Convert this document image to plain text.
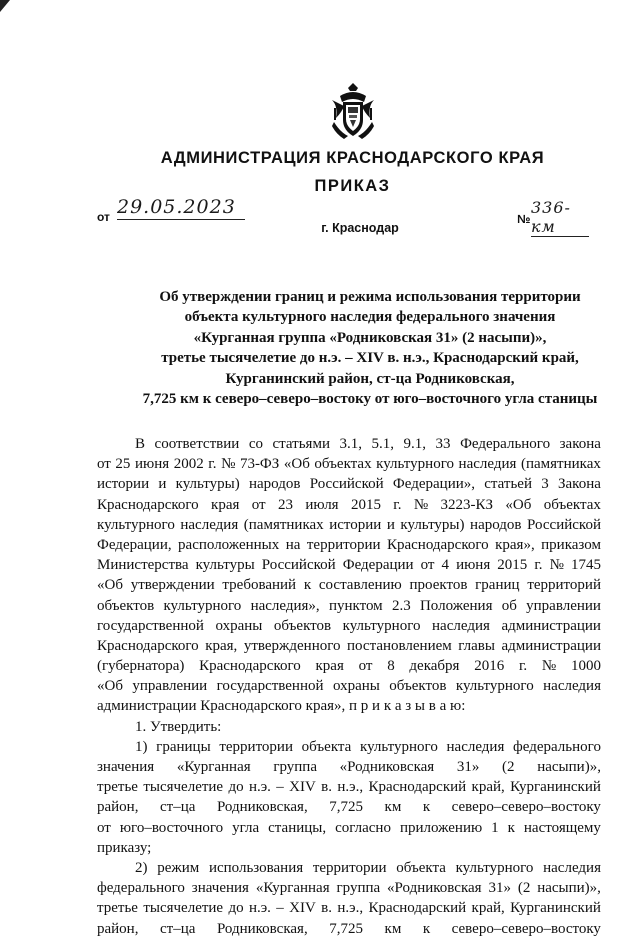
АДМИНИСТРАЦИЯ КРАСНОДАРСКОГО КРАЯ
ПРИКАЗ
от 29.05.2023
№
336-км
г. Краснодар
Об утверждении границ и режима использования территории
объекта культурного наследия федерального значения
«Курганная группа «Родниковская 31» (2 насыпи)»,
третье тысячелетие до н.э. – XIV в. н.э., Краснодарский край,
Курганинский район, ст-ца Родниковская,
7,725 км к северо–северо–востоку от юго–восточного угла станицы
В соответствии со статьями 3.1, 5.1, 9.1, 33 Федерального закона
от 25 июня 2002 г. № 73-ФЗ «Об объектах культурного наследия (памятниках
истории и культуры) народов Российской Федерации», статьей 3 Закона
Краснодарского края от 23 июля 2015 г. № 3223-КЗ «Об объектах
культурного наследия (памятниках истории и культуры) народов Российской
Федерации, расположенных на территории Краснодарского края», приказом
Министерства культуры Российской Федерации от 4 июня 2015 г. № 1745
«Об утверждении требований к составлению проектов границ территорий
объектов культурного наследия», пунктом 2.3 Положения об управлении
государственной охраны объектов культурного наследия администрации
Краснодарского края, утвержденного постановлением главы администрации
(губернатора) Краснодарского края от 8 декабря 2016 г. № 1000
«Об управлении государственной охраны объектов культурного наследия
администрации Краснодарского края», п р и к а з ы в а ю:
1. Утвердить:
1) границы территории объекта культурного наследия федерального
значения «Курганная группа «Родниковская 31» (2 насыпи)»,
третье тысячелетие до н.э. – XIV в. н.э., Краснодарский край, Курганинский
район, ст–ца Родниковская, 7,725 км к северо–северо–востоку
от юго–восточного угла станицы, согласно приложению 1 к настоящему
приказу;
2) режим использования территории объекта культурного наследия
федерального значения «Курганная группа «Родниковская 31» (2 насыпи)»,
третье тысячелетие до н.э. – XIV в. н.э., Краснодарский край, Курганинский
район, ст–ца Родниковская, 7,725 км к северо–северо–востоку
